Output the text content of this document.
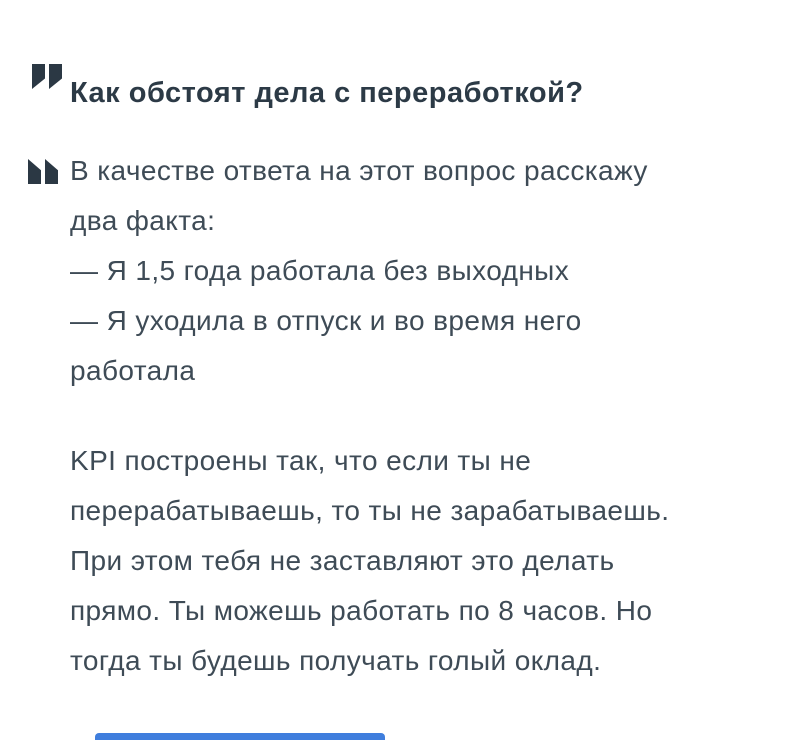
Как обстоят дела с переработкой?
В качестве ответа на этот вопрос расскажу
два факта:
— Я 1,5 года работала без выходных
— Я уходила в отпуск и во время него
работала
KPI построены так, что если ты не
перерабатываешь, то ты не зарабатываешь.
При этом тебя не заставляют это делать
прямо. Ты можешь работать по 8 часов. Но
тогда ты будешь получать голый оклад.
